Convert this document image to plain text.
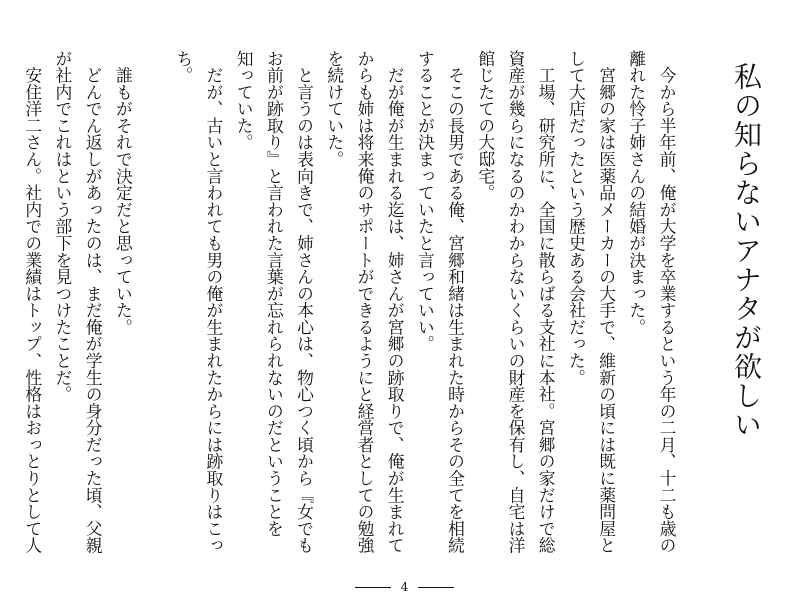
私の知らないアナタが欲しい

　今から半年前、俺が大学を卒業するという年の二月、十二も歳の

離れた怜子姉さんの結婚が決まった。

　宮郷の家は医薬品メーカーの大手で、維新の頃には既に薬問屋と

して大店だったという歴史ある会社だった。

　工場、研究所に、全国に散らばる支社に本社。宮郷の家だけで総

資産が幾らになるのかわからないくらいの財産を保有し、自宅は洋

館じたての大邸宅。

　そこの長男である俺、宮郷和緒は生まれた時からその全てを相続

することが決まっていたと言っていい。

　だが俺が生まれる迄は、姉さんが宮郷の跡取りで、俺が生まれて

からも姉は将来俺のサポートができるようにと経営者としての勉強

を続けていた。

　と言うのは表向きで、姉さんの本心は、物心つく頃から『女でも

お前が跡取り』と言われた言葉が忘れられないのだということを

知っていた。

　だが、古いと言われても男の俺が生まれたからには跡取りはこっ

ち。

　誰もがそれで決定だと思っていた。

　どんでん返しがあったのは、まだ俺が学生の身分だった頃、父親

が社内でこれはという部下を見つけたことだ。

　安住洋二さん。社内での業績はトップ、性格はおっとりとして人

4
